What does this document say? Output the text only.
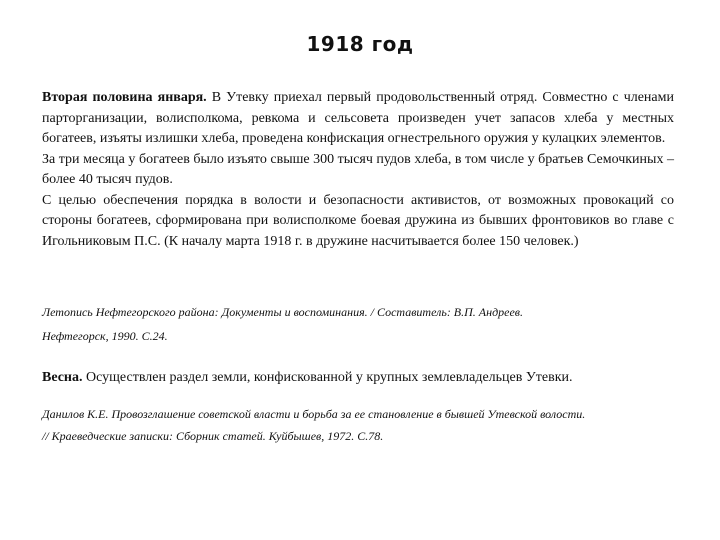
1918 год

Вторая половина января. В Утевку приехал первый продовольственный отряд. Совместно с членами парторганизации, волисполкома, ревкома и сельсовета произведен учет запасов хлеба у местных богатеев, изъяты излишки хлеба, проведена конфискация огнестрельного оружия у кулацких элементов.

За три месяца у богатеев было изъято свыше 300 тысяч пудов хлеба, в том числе у братьев Семочкиных – более 40 тысяч пудов.

С целью обеспечения порядка в волости и безопасности активистов, от возможных провокаций со стороны богатеев, сформирована при волисполкоме боевая дружина из бывших фронтовиков во главе с Игольниковым П.С. (К началу марта 1918 г. в дружине насчитывается более 150 человек.)

Летопись Нефтегорского района: Документы и воспоминания. / Составитель: В.П. Андреев.
Нефтегорск, 1990. С.24.

Весна. Осуществлен раздел земли, конфискованной у крупных землевладельцев Утевки.

Данилов К.Е. Провозглашение советской власти и борьба за ее становление в бывшей Утевской волости.
// Краеведческие записки: Сборник статей. Куйбышев, 1972. С.78.
